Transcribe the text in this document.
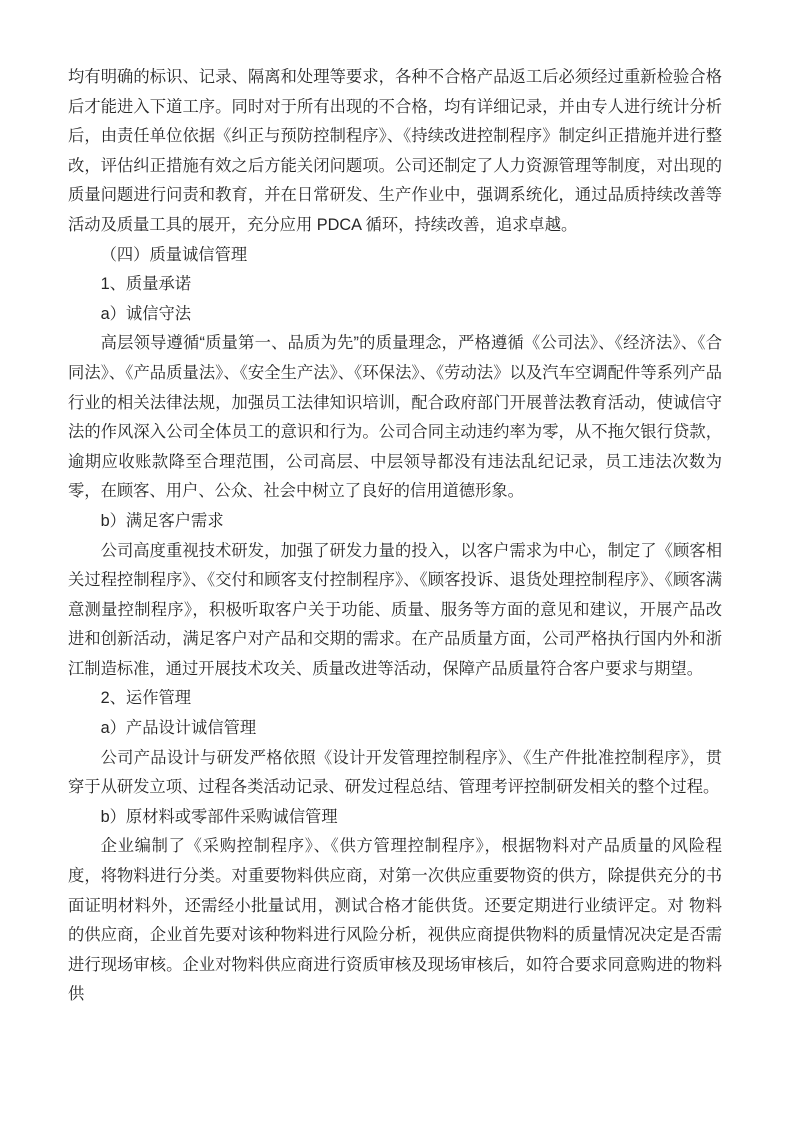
均有明确的标识、记录、隔离和处理等要求，各种不合格产品返工后必须经过重新检验合格后才能进入下道工序。同时对于所有出现的不合格，均有详细记录，并由专人进行统计分析后，由责任单位依据《纠正与预防控制程序》、《持续改进控制程序》制定纠正措施并进行整改，评估纠正措施有效之后方能关闭问题项。公司还制定了人力资源管理等制度，对出现的质量问题进行问责和教育，并在日常研发、生产作业中，强调系统化，通过品质持续改善等活动及质量工具的展开，充分应用 PDCA 循环，持续改善，追求卓越。

（四）质量诚信管理

1、质量承诺

a）诚信守法

高层领导遵循“质量第一、品质为先”的质量理念，严格遵循《公司法》、《经济法》、《合同法》、《产品质量法》、《安全生产法》、《环保法》、《劳动法》以及汽车空调配件等系列产品行业的相关法律法规，加强员工法律知识培训，配合政府部门开展普法教育活动，使诚信守法的作风深入公司全体员工的意识和行为。公司合同主动违约率为零，从不拖欠银行贷款，逾期应收账款降至合理范围，公司高层、中层领导都没有违法乱纪记录，员工违法次数为零，在顾客、用户、公众、社会中树立了良好的信用道德形象。

b）满足客户需求

公司高度重视技术研发，加强了研发力量的投入，以客户需求为中心，制定了《顾客相关过程控制程序》、《交付和顾客支付控制程序》、《顾客投诉、退货处理控制程序》、《顾客满意测量控制程序》，积极听取客户关于功能、质量、服务等方面的意见和建议，开展产品改进和创新活动，满足客户对产品和交期的需求。在产品质量方面，公司严格执行国内外和浙江制造标准，通过开展技术攻关、质量改进等活动，保障产品质量符合客户要求与期望。

2、运作管理

a）产品设计诚信管理

公司产品设计与研发严格依照《设计开发管理控制程序》、《生产件批准控制程序》，贯穿于从研发立项、过程各类活动记录、研发过程总结、管理考评控制研发相关的整个过程。

b）原材料或零部件采购诚信管理

企业编制了《采购控制程序》、《供方管理控制程序》，根据物料对产品质量的风险程度，将物料进行分类。对重要物料供应商，对第一次供应重要物资的供方，除提供充分的书面证明材料外，还需经小批量试用，测试合格才能供货。还要定期进行业绩评定。对 物料的供应商，企业首先要对该种物料进行风险分析，视供应商提供物料的质量情况决定是否需进行现场审核。企业对物料供应商进行资质审核及现场审核后，如符合要求同意购进的物料供
